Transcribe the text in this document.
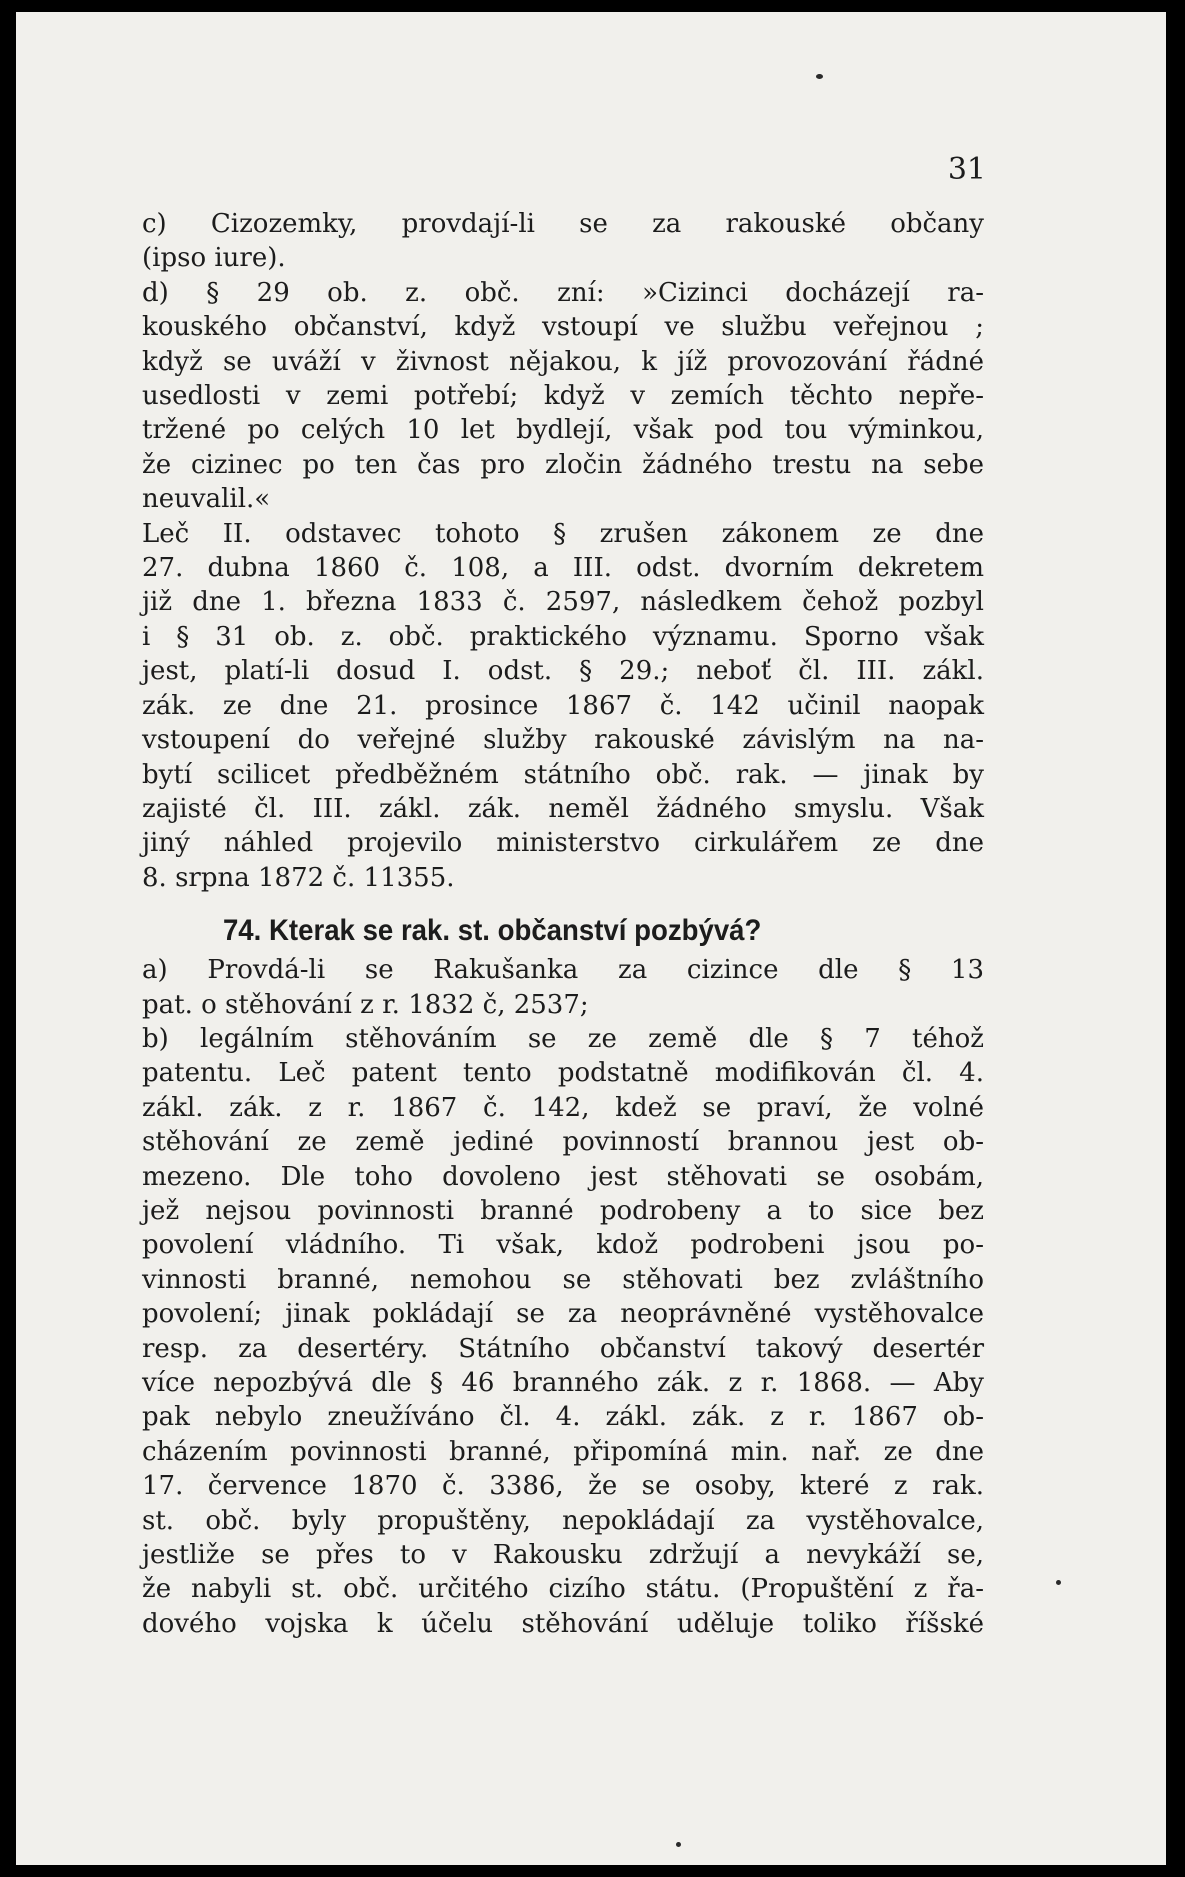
31
c) Cizozemky, provdají-li se za rakouské občany
(ipso iure).
d) § 29 ob. z. obč. zní: »Cizinci docházejí ra-
kouského občanství, když vstoupí ve službu veřejnou ;
když se uváží v živnost nějakou, k jíž provozování řádné
usedlosti v zemi potřebí; když v zemích těchto nepře-
tržené po celých 10 let bydlejí, však pod tou výminkou,
že cizinec po ten čas pro zločin žádného trestu na sebe
neuvalil.«
Leč II. odstavec tohoto § zrušen zákonem ze dne
27. dubna 1860 č. 108, a III. odst. dvorním dekretem
již dne 1. března 1833 č. 2597, následkem čehož pozbyl
i § 31 ob. z. obč. praktického významu. Sporno však
jest, platí-li dosud I. odst. § 29.; neboť čl. III. zákl.
zák. ze dne 21. prosince 1867 č. 142 učinil naopak
vstoupení do veřejné služby rakouské závislým na na-
bytí scilicet předběžném státního obč. rak. — jinak by
zajisté čl. III. zákl. zák. neměl žádného smyslu. Však
jiný náhled projevilo ministerstvo cirkulářem ze dne
8. srpna 1872 č. 11355.
74. Kterak se rak. st. občanství pozbývá?
a) Provdá-li se Rakušanka za cizince dle § 13
pat. o stěhování z r. 1832 č, 2537;
b) legálním stěhováním se ze země dle § 7 téhož
patentu. Leč patent tento podstatně modifikován čl. 4.
zákl. zák. z r. 1867 č. 142, kdež se praví, že volné
stěhování ze země jediné povinností brannou jest ob-
mezeno. Dle toho dovoleno jest stěhovati se osobám,
jež nejsou povinnosti branné podrobeny a to sice bez
povolení vládního. Ti však, kdož podrobeni jsou po-
vinnosti branné, nemohou se stěhovati bez zvláštního
povolení; jinak pokládají se za neoprávněné vystěhovalce
resp. za desertéry. Státního občanství takový desertér
více nepozbývá dle § 46 branného zák. z r. 1868. — Aby
pak nebylo zneužíváno čl. 4. zákl. zák. z r. 1867 ob-
cházením povinnosti branné, připomíná min. nař. ze dne
17. července 1870 č. 3386, že se osoby, které z rak.
st. obč. byly propuštěny, nepokládají za vystěhovalce,
jestliže se přes to v Rakousku zdržují a nevykáží se,
že nabyli st. obč. určitého cizího státu. (Propuštění z řa-
dového vojska k účelu stěhování uděluje toliko říšské
